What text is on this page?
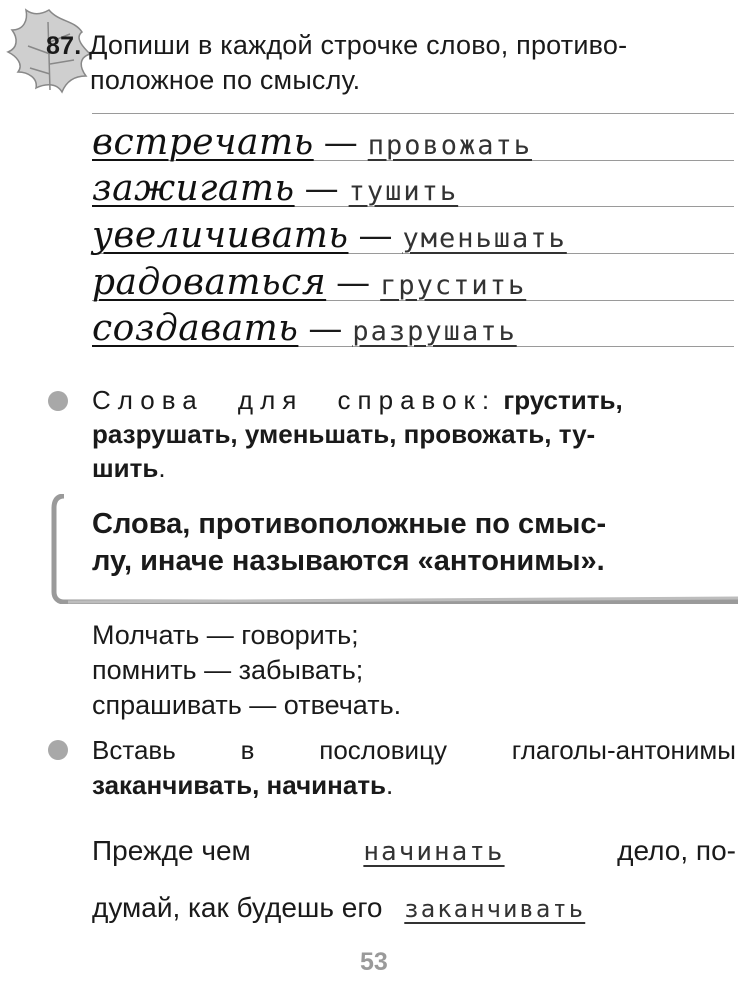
87. Допиши в каждой строчке слово, противо-
положное по смыслу.
встречать — провожать
зажигать — тушить
увеличивать — уменьшать
радоваться — грустить
создавать — разрушать
Слова для справок: грустить,
разрушать, уменьшать, провожать, ту-
шить.
Слова, противоположные по смыс-
лу, иначе называются «антонимы».
Молчать — говорить;
помнить — забывать;
спрашивать — отвечать.
Вставь в пословицу глаголы-антонимы
заканчивать, начинать.
Прежде чем	начинать	дело, по-
думай, как будешь его заканчивать
53
